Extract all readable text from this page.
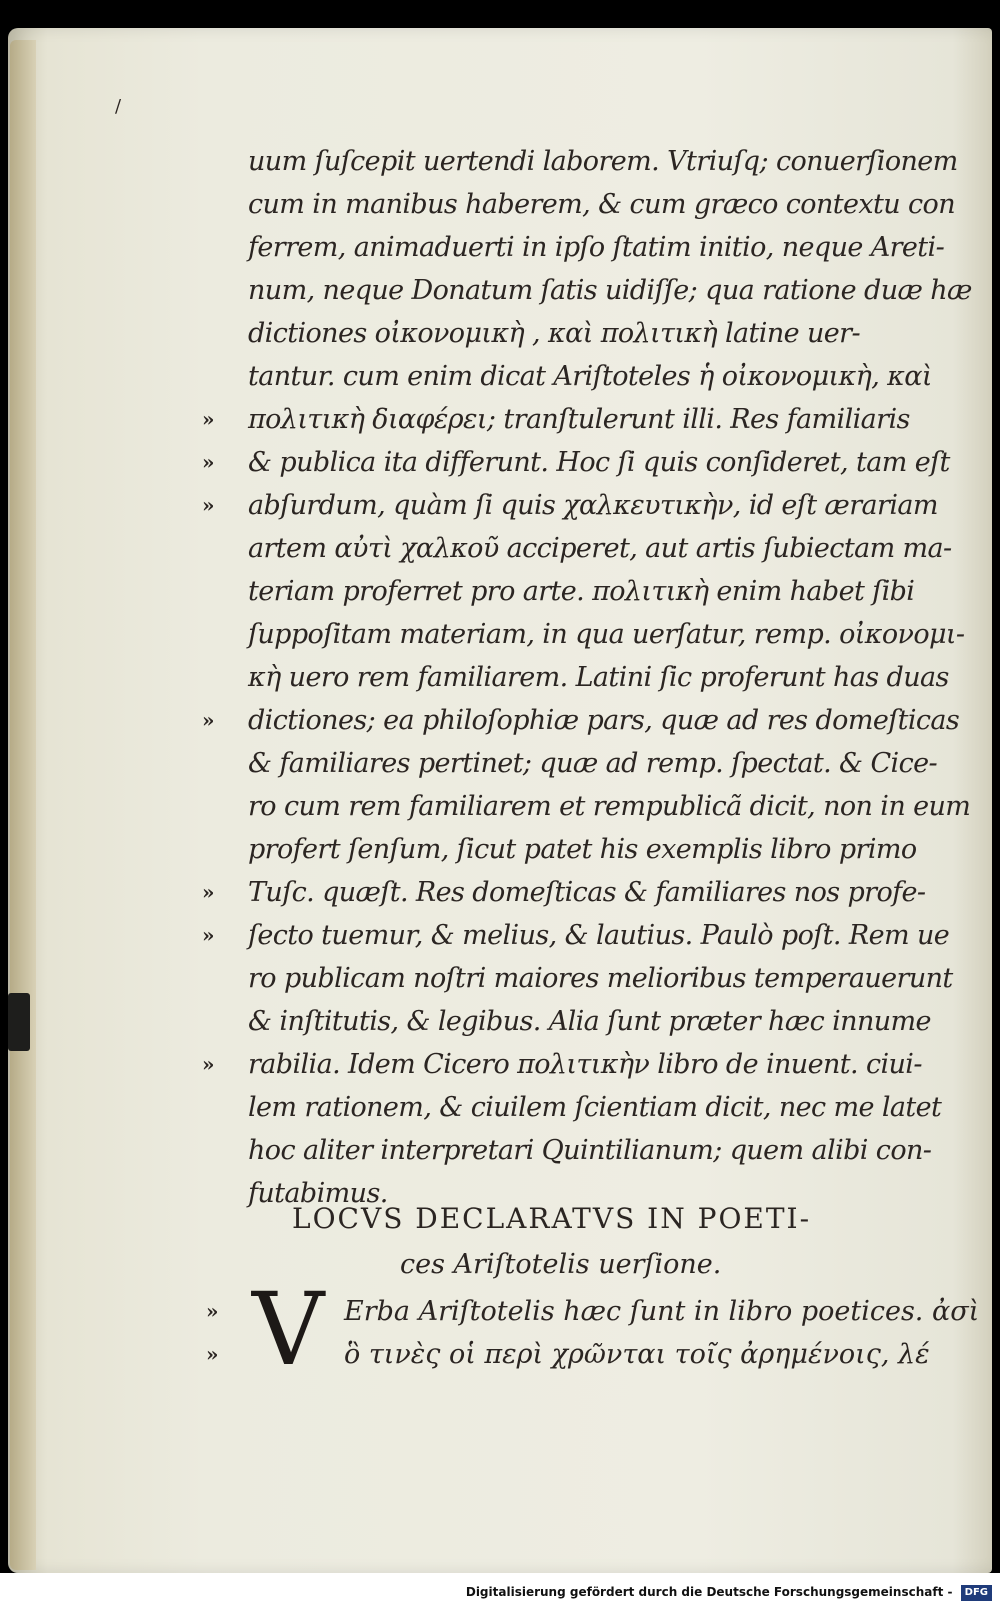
/
uum ſuſcepit uertendi laborem. Vtriuſq; conuerſionem
cum in manibus haberem, & cum græco contextu con
ferrem, animaduerti in ipſo ſtatim initio, neque Areti-
num, neque Donatum ſatis uidiſſe; qua ratione duæ hæ
dictiones οἰκονομικὴ , καὶ πολιτικὴ latine uer-
tantur. cum enim dicat Ariſtoteles ἡ οἰκονομικὴ, καὶ
» πολιτικὴ διαφέρει; tranſtulerunt illi. Res familiaris
» & publica ita differunt. Hoc ſi quis conſideret, tam eſt
» abſurdum, quàm ſi quis χαλκευτικὴν, id eſt ærariam
artem αὐτὶ χαλκοῦ acciperet, aut artis ſubiectam ma-
teriam proferret pro arte. πολιτικὴ enim habet ſibi
ſuppoſitam materiam, in qua uerſatur, remp. οἰκονομι-
κὴ uero rem familiarem. Latini ſic proferunt has duas
» dictiones; ea philoſophiæ pars, quæ ad res domeſticas
& familiares pertinet; quæ ad remp. ſpectat. & Cice-
ro cum rem familiarem et rempublicã dicit, non in eum
profert ſenſum, ſicut patet his exemplis libro primo
» Tuſc. quæſt. Res domeſticas & familiares nos profe-
» ſecto tuemur, & melius, & lautius. Paulò poſt. Rem ue
ro publicam noſtri maiores melioribus temperauerunt
& inſtitutis, & legibus. Alia ſunt præter hæc innume
» rabilia. Idem Cicero πολιτικὴν libro de inuent. ciui-
lem rationem, & ciuilem ſcientiam dicit, nec me latet
hoc aliter interpretari Quintilianum; quem alibi con-
futabimus.
LOCVS DECLARATVS IN POETI-
ces Ariſtotelis uerſione.
V
»	Erba Ariſtotelis hæc ſunt in libro poetices. ἀσὶ
»	ὃ τινὲς οἱ περὶ χρῶνται τοῖς ἀρημένοις, λέ
Digitalisierung gefördert durch die Deutsche Forschungsgemeinschaft - DFG
